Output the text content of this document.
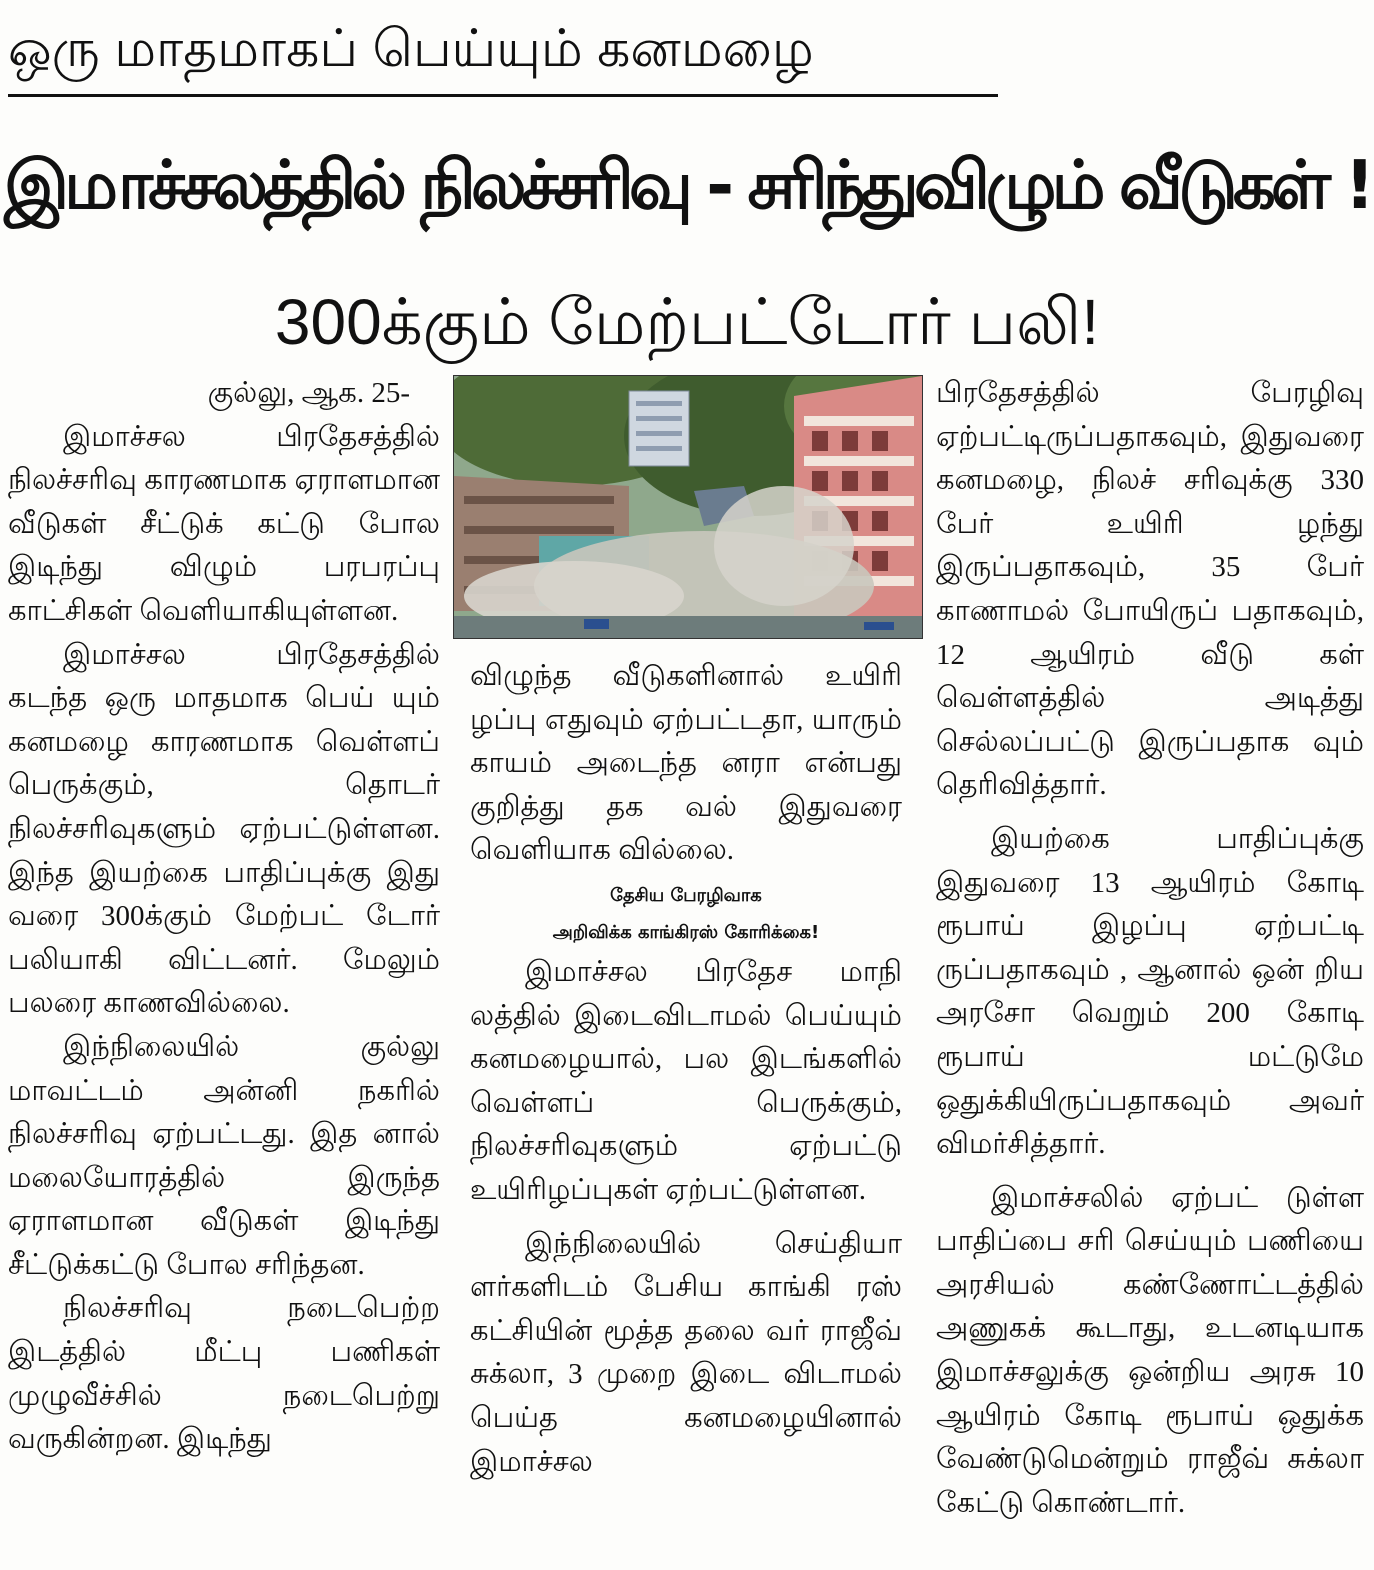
ஒரு மாதமாகப் பெய்யும் கனமழை
இமாச்சலத்தில் நிலச்சரிவு - சரிந்துவிழும் வீடுகள் !
300க்கும் மேற்பட்டோர் பலி!

குல்லு, ஆக. 25-

இமாச்சல பிரதேசத்தில் நிலச்சரிவு காரணமாக ஏராளமான வீடுகள் சீட்டுக் கட்டு போல இடிந்து விழும் பரபரப்பு காட்சிகள் வெளியாகியுள்ளன.

இமாச்சல பிரதேசத்தில் கடந்த ஒரு மாதமாக பெய் யும் கனமழை காரணமாக வெள்ளப் பெருக்கும், தொடர் நிலச்சரிவுகளும் ஏற்பட்டுள்ளன. இந்த இயற்கை பாதிப்புக்கு இது வரை 300க்கும் மேற்பட் டோர் பலியாகி விட்டனர். மேலும் பலரை காணவில்லை.

இந்நிலையில் குல்லு மாவட்டம் அன்னி நகரில் நிலச்சரிவு ஏற்பட்டது. இத னால் மலையோரத்தில் இருந்த ஏராளமான வீடுகள் இடிந்து சீட்டுக்கட்டு போல சரிந்தன.

நிலச்சரிவு நடைபெற்ற இடத்தில் மீட்பு பணிகள் முழுவீச்சில் நடைபெற்று வருகின்றன. இடிந்து

விழுந்த வீடுகளினால் உயிரி ழப்பு எதுவும் ஏற்பட்டதா, யாரும் காயம் அடைந்த னரா என்பது குறித்து தக வல் இதுவரை வெளியாக வில்லை.

தேசிய பேரழிவாக

அறிவிக்க காங்கிரஸ் கோரிக்கை!

இமாச்சல பிரதேச மாநி லத்தில் இடைவிடாமல் பெய்யும் கனமழையால், பல இடங்களில் வெள்ளப் பெருக்கும், நிலச்சரிவுகளும் ஏற்பட்டு உயிரிழப்புகள் ஏற்பட்டுள்ளன.

இந்நிலையில் செய்தியா ளர்களிடம் பேசிய காங்கி ரஸ் கட்சியின் மூத்த தலை வர் ராஜீவ் சுக்லா, 3 முறை இடை விடாமல் பெய்த கனமழையினால் இமாச்சல

பிரதேசத்தில் பேரழிவு ஏற்பட்டிருப்பதாகவும், இதுவரை கனமழை, நிலச் சரிவுக்கு 330 பேர் உயிரி ழந்து இருப்பதாகவும், 35 பேர் காணாமல் போயிருப் பதாகவும், 12 ஆயிரம் வீடு கள் வெள்ளத்தில் அடித்து செல்லப்பட்டு இருப்பதாக வும் தெரிவித்தார்.

இயற்கை பாதிப்புக்கு இதுவரை 13 ஆயிரம் கோடி ரூபாய் இழப்பு ஏற்பட்டி ருப்பதாகவும் , ஆனால் ஒன் றிய அரசோ வெறும் 200 கோடி ரூபாய் மட்டுமே ஒதுக்கியிருப்பதாகவும் அவர் விமர்சித்தார்.

இமாச்சலில் ஏற்பட் டுள்ள பாதிப்பை சரி செய்யும் பணியை அரசியல் கண்ணோட்டத்தில் அணுகக் கூடாது, உடனடியாக இமாச்சலுக்கு ஒன்றிய அரசு 10 ஆயிரம் கோடி ரூபாய் ஒதுக்க வேண்டுமென்றும் ராஜீவ் சுக்லா கேட்டு கொண்டார்.
